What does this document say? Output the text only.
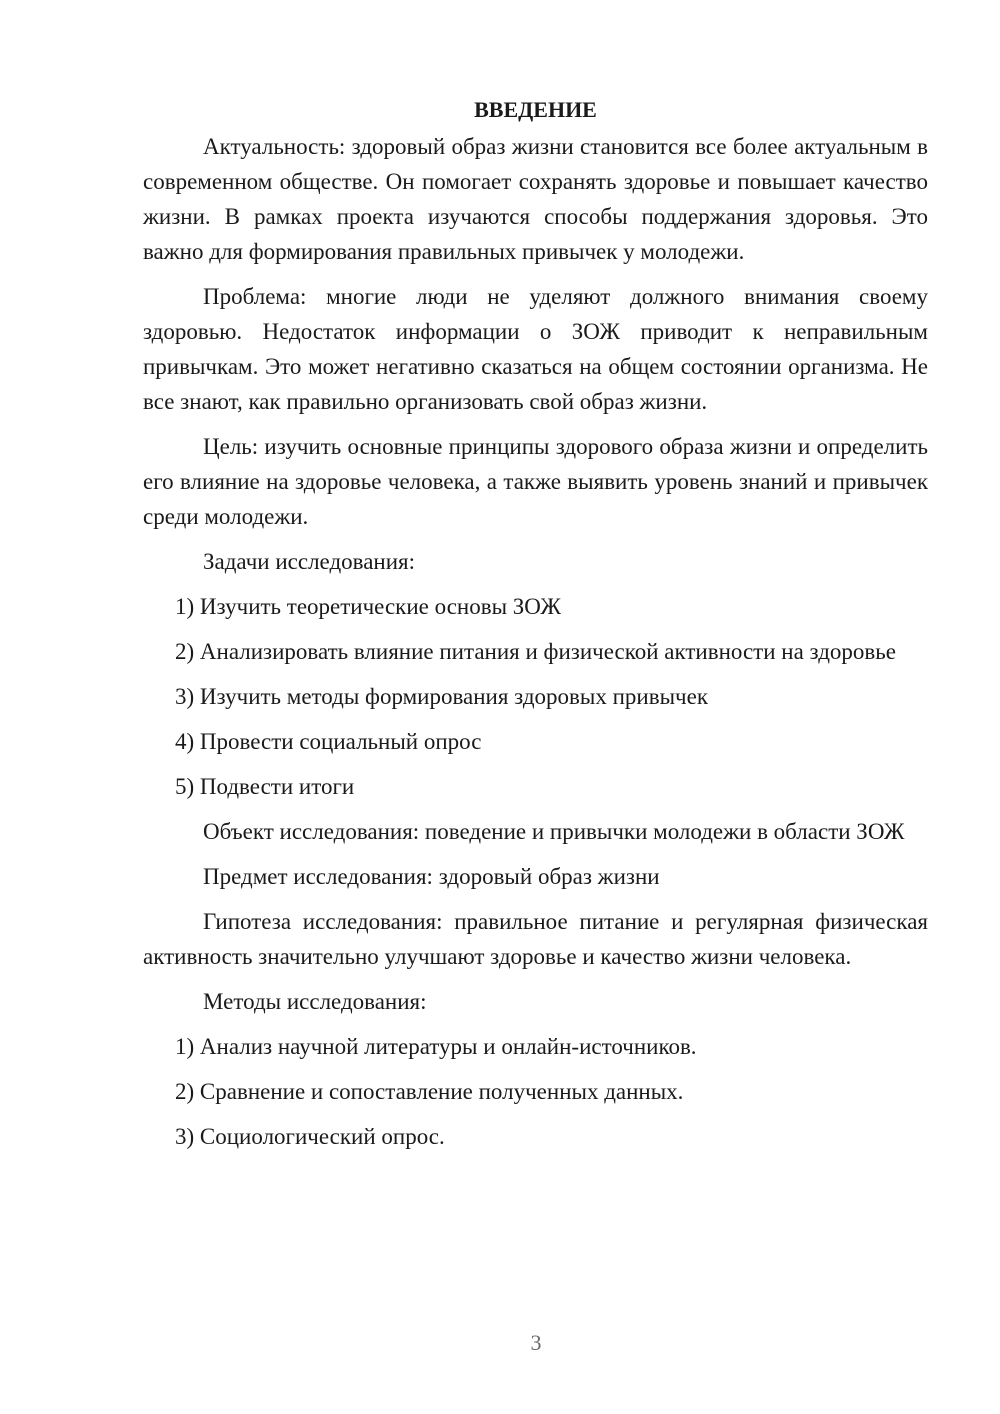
ВВЕДЕНИЕ

Актуальность: здоровый образ жизни становится все более актуальным в современном обществе. Он помогает сохранять здоровье и повышает качество жизни. В рамках проекта изучаются способы поддержания здоровья. Это важно для формирования правильных привычек у молодежи.

Проблема: многие люди не уделяют должного внимания своему здоровью. Недостаток информации о ЗОЖ приводит к неправильным привычкам. Это может негативно сказаться на общем состоянии организма. Не все знают, как правильно организовать свой образ жизни.

Цель: изучить основные принципы здорового образа жизни и определить его влияние на здоровье человека, а также выявить уровень знаний и привычек среди молодежи.

Задачи исследования:

1) Изучить теоретические основы ЗОЖ

2) Анализировать влияние питания и физической активности на здоровье

3) Изучить методы формирования здоровых привычек

4) Провести социальный опрос

5) Подвести итоги

Объект исследования: поведение и привычки молодежи в области ЗОЖ

Предмет исследования: здоровый образ жизни

Гипотеза исследования: правильное питание и регулярная физическая активность значительно улучшают здоровье и качество жизни человека.

Методы исследования:

1) Анализ научной литературы и онлайн-источников.

2) Сравнение и сопоставление полученных данных.

3) Социологический опрос.

3
